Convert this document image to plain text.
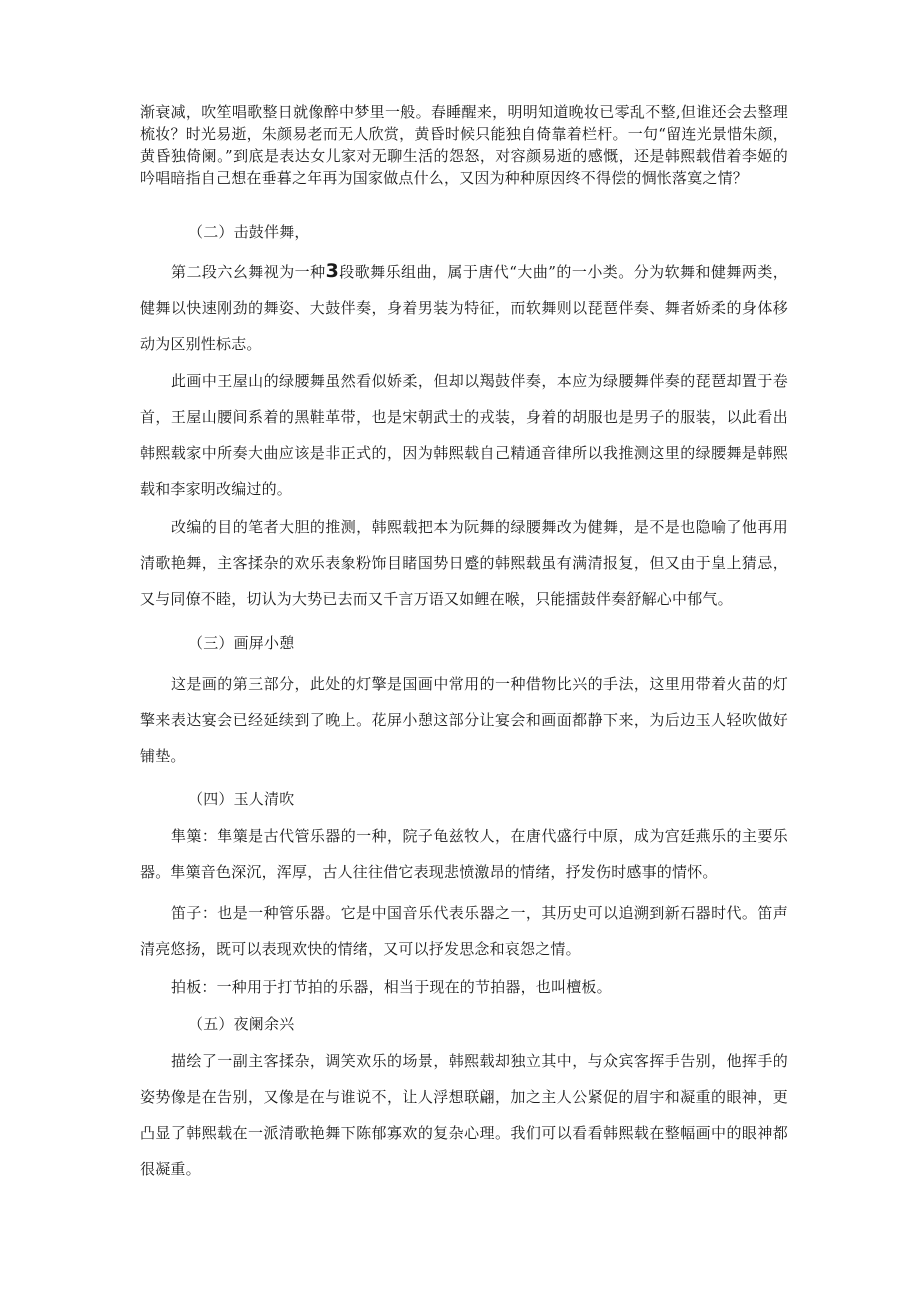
渐衰减，吹笙唱歌整日就像醉中梦里一般。春睡醒来，明明知道晚妆已零乱不整,但谁还会去整理梳妆？时光易逝，朱颜易老而无人欣赏，黄昏时候只能独自倚靠着栏杆。一句“留连光景惜朱颜，黄昏独倚阑。”到底是表达女儿家对无聊生活的怨怒，对容颜易逝的感慨，还是韩熙载借着李姬的吟唱暗指自己想在垂暮之年再为国家做点什么，又因为种种原因终不得偿的惆怅落寞之情？

（二）击鼓伴舞，

第二段六幺舞视为一种3段歌舞乐组曲，属于唐代“大曲”的一小类。分为软舞和健舞两类，健舞以快速刚劲的舞姿、大鼓伴奏，身着男装为特征，而软舞则以琵琶伴奏、舞者娇柔的身体移动为区别性标志。

此画中王屋山的绿腰舞虽然看似娇柔，但却以羯鼓伴奏，本应为绿腰舞伴奏的琵琶却置于卷首，王屋山腰间系着的黑鞋革带，也是宋朝武士的戎装，身着的胡服也是男子的服装，以此看出韩熙载家中所奏大曲应该是非正式的，因为韩熙载自己精通音律所以我推测这里的绿腰舞是韩熙载和李家明改编过的。

改编的目的笔者大胆的推测，韩熙载把本为阮舞的绿腰舞改为健舞，是不是也隐喻了他再用清歌艳舞，主客揉杂的欢乐表象粉饰目睹国势日蹙的韩熙载虽有满清报复，但又由于皇上猜忌，又与同僚不睦，切认为大势已去而又千言万语又如鲤在喉，只能擂鼓伴奏舒解心中郁气。

（三）画屏小憩

这是画的第三部分，此处的灯擎是国画中常用的一种借物比兴的手法，这里用带着火苗的灯擎来表达宴会已经延续到了晚上。花屏小憩这部分让宴会和画面都静下来，为后边玉人轻吹做好铺垫。

（四）玉人清吹

隼篥：隼篥是古代管乐器的一种，院子龟兹牧人，在唐代盛行中原，成为宫廷燕乐的主要乐器。隼篥音色深沉，浑厚，古人往往借它表现悲愤激昂的情绪，抒发伤时感事的情怀。

笛子：也是一种管乐器。它是中国音乐代表乐器之一，其历史可以追溯到新石器时代。笛声清亮悠扬，既可以表现欢快的情绪，又可以抒发思念和哀怨之情。

拍板：一种用于打节拍的乐器，相当于现在的节拍器，也叫檀板。

（五）夜阑余兴

描绘了一副主客揉杂，调笑欢乐的场景，韩熙载却独立其中，与众宾客挥手告别，他挥手的姿势像是在告别，又像是在与谁说不，让人浮想联翩，加之主人公紧促的眉宇和凝重的眼神，更凸显了韩熙载在一派清歌艳舞下陈郁寡欢的复杂心理。我们可以看看韩熙载在整幅画中的眼神都很凝重。
